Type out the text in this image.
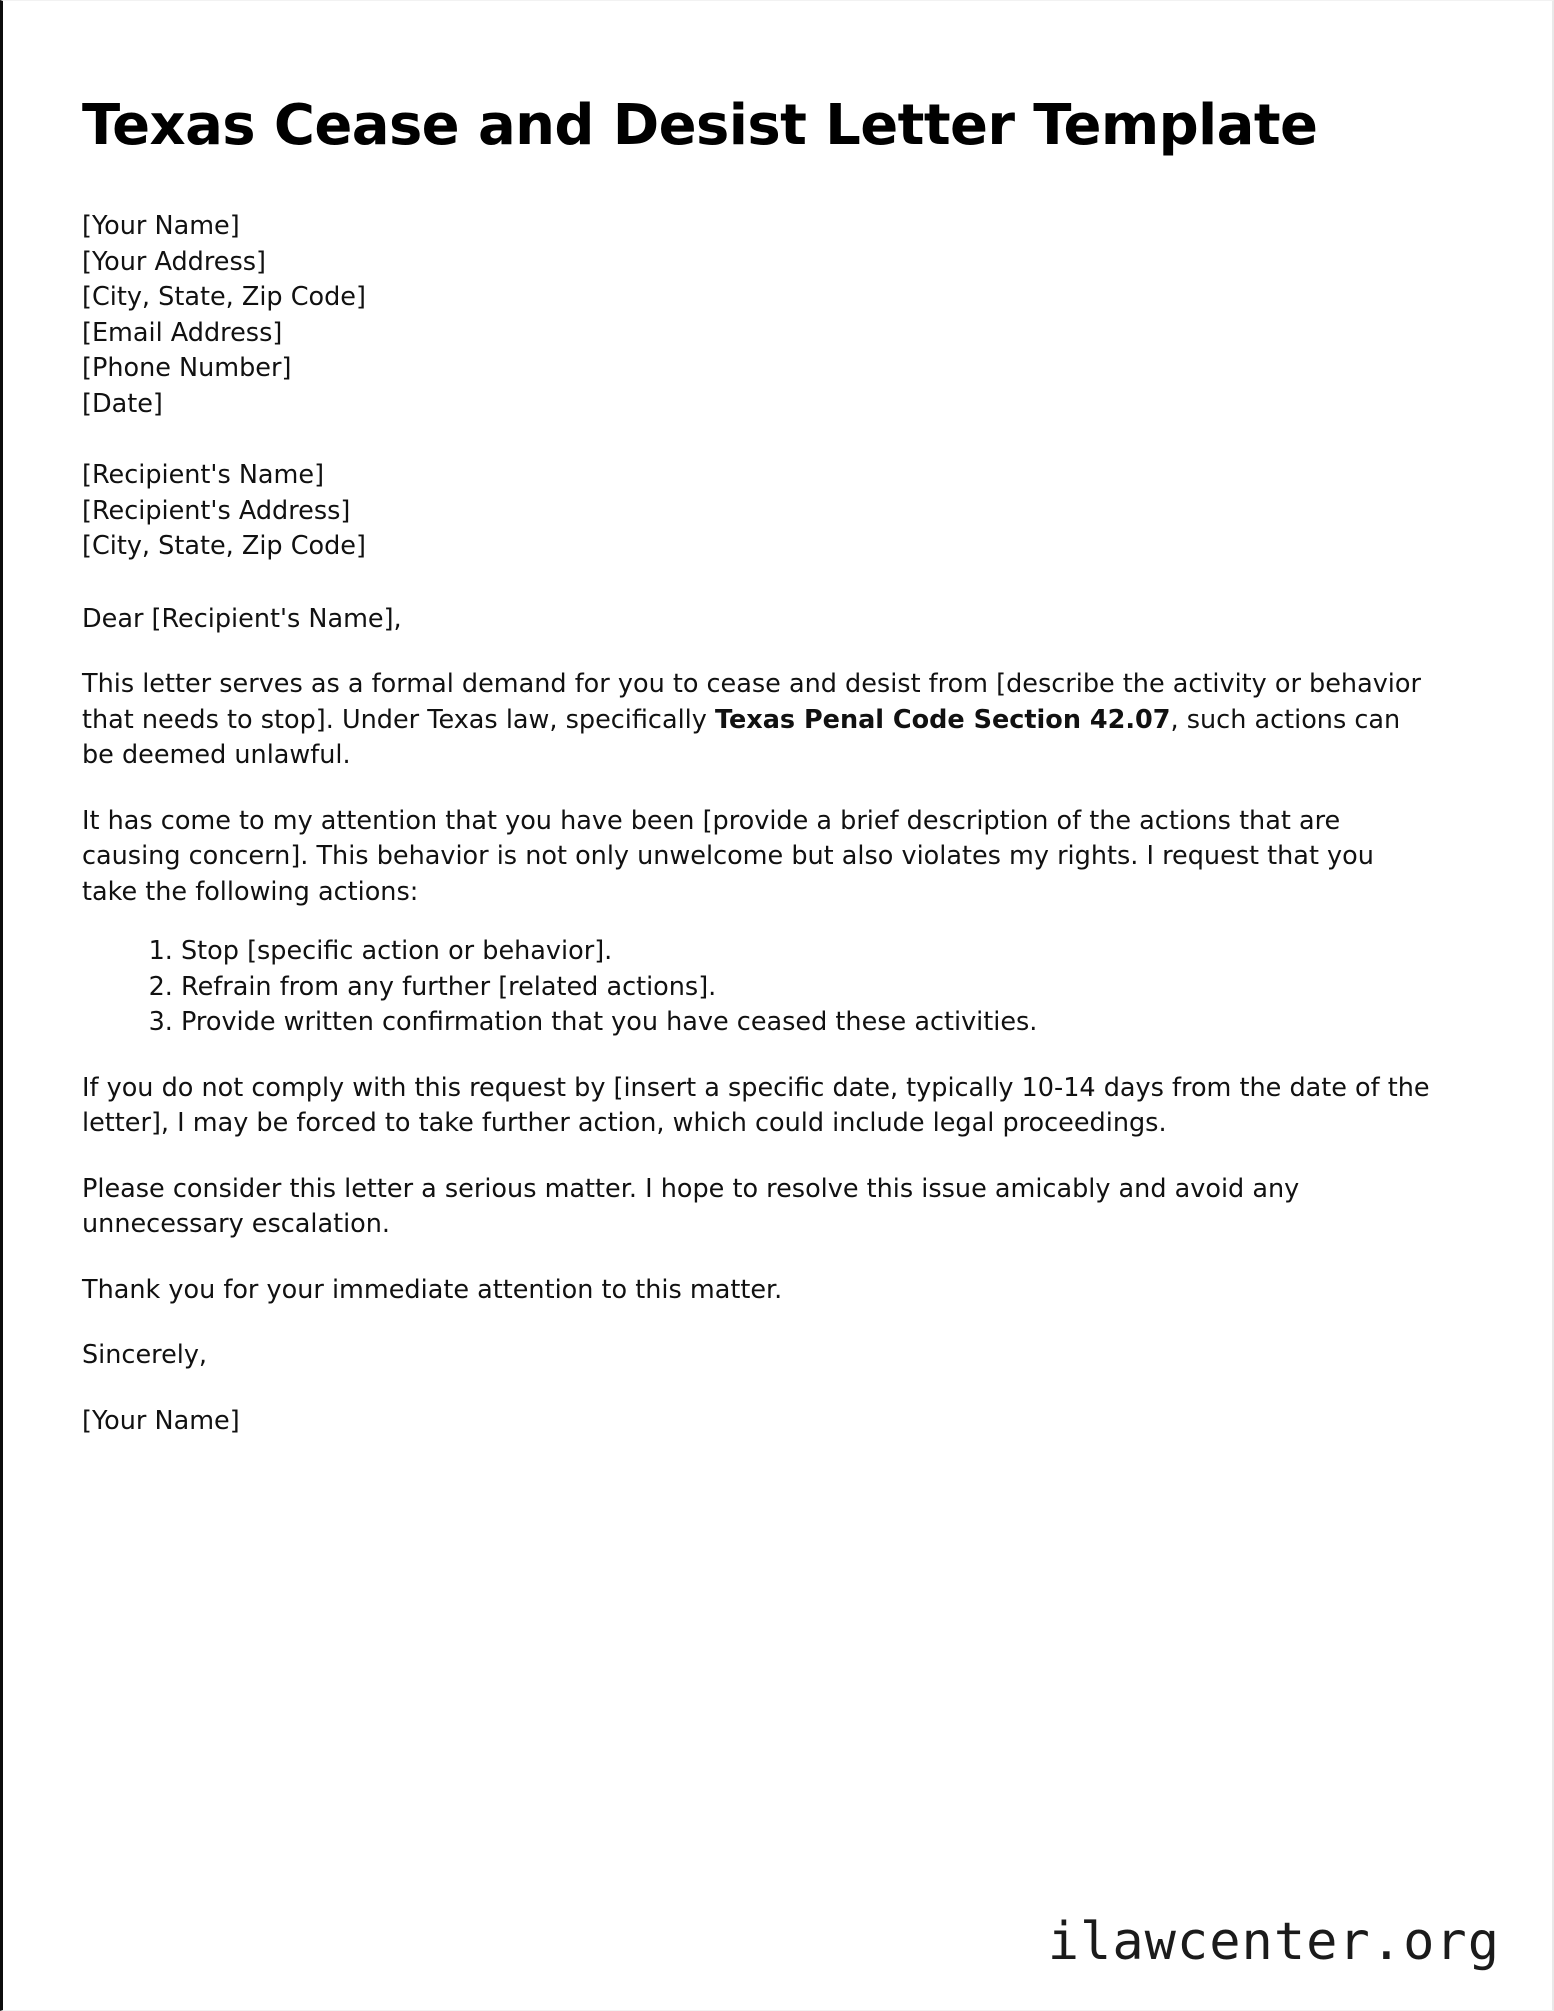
Texas Cease and Desist Letter Template
[Your Name]
[Your Address]
[City, State, Zip Code]
[Email Address]
[Phone Number]
[Date]
[Recipient's Name]
[Recipient's Address]
[City, State, Zip Code]

Dear [Recipient's Name],

This letter serves as a formal demand for you to cease and desist from [describe the activity or behavior that needs to stop]. Under Texas law, specifically Texas Penal Code Section 42.07, such actions can be deemed unlawful.

It has come to my attention that you have been [provide a brief description of the actions that are causing concern]. This behavior is not only unwelcome but also violates my rights. I request that you take the following actions:

1. Stop [specific action or behavior].
2. Refrain from any further [related actions].
3. Provide written confirmation that you have ceased these activities.

If you do not comply with this request by [insert a specific date, typically 10-14 days from the date of the letter], I may be forced to take further action, which could include legal proceedings.

Please consider this letter a serious matter. I hope to resolve this issue amicably and avoid any unnecessary escalation.

Thank you for your immediate attention to this matter.

Sincerely,

[Your Name]

ilawcenter.org
